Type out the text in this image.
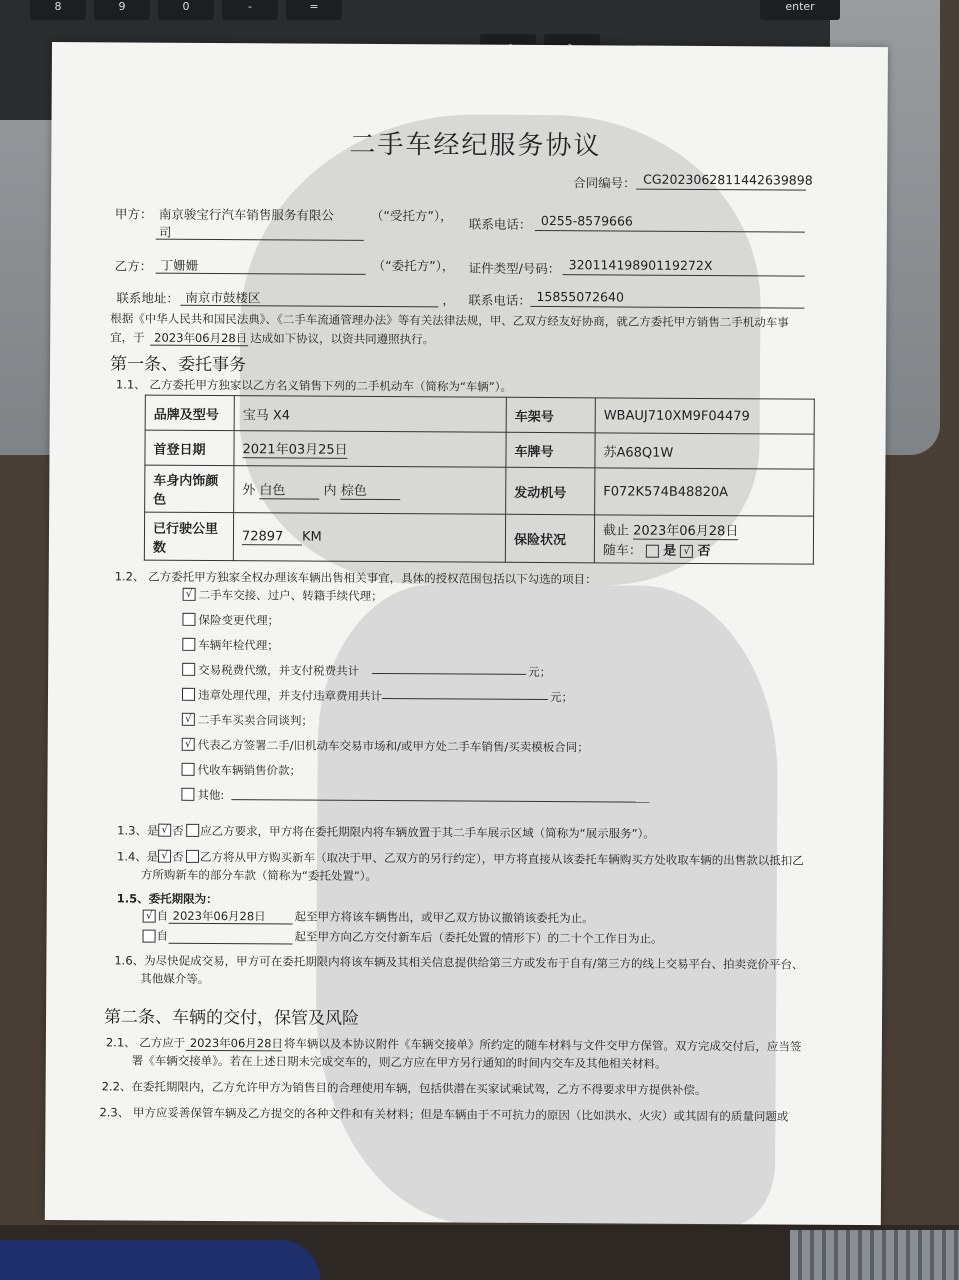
8	9	0	-	=	enter
二手车经纪服务协议
合同编号： CG2023062811442639898
甲方： 南京骏宝行汽车销售服务有限公
司
（“受托方”），
联系电话： 0255-8579666
乙方： 丁姗姗	（“委托方”）， 证件类型/号码： 32011419890119272X
联系地址： 南京市鼓楼区	， 联系电话： 15855072640
根据《中华人民共和国民法典》、《二手车流通管理办法》等有关法律法规，甲、乙双方经友好协商，就乙方委托甲方销售二手机动车事
宜，于 2023年06月28日 达成如下协议，以资共同遵照执行。
第一条、委托事务
1.1、 乙方委托甲方独家以乙方名义销售下列的二手机动车（简称为“车辆”）。
品牌及型号	宝马 X4	车架号	WBAUJ710XM9F04479
首登日期	2021年03月25日	车牌号	苏A68Q1W
车身内饰颜色	外 白色 内 棕色	发动机号	F072K574B48820A
已行驶公里数	72897 KM	保险状况	截止 2023年06月28日
随车： 是 √ 否
1.2、 乙方委托甲方独家全权办理该车辆出售相关事宜，具体的授权范围包括以下勾选的项目：
√ 二手车交接、过户、转籍手续代理；
保险变更代理；
车辆年检代理；
交易税费代缴，并支付税费共计	元；
违章处理代理，并支付违章费用共计	元；
√ 二手车买卖合同谈判；
√ 代表乙方签署二手/旧机动车交易市场和/或甲方处二手车销售/买卖模板合同；
代收车辆销售价款；
其他:
1.3、是 √ 否 应乙方要求，甲方将在委托期限内将车辆放置于其二手车展示区域（简称为“展示服务”）。
1.4、是 √ 否 乙方将从甲方购买新车（取决于甲、乙双方的另行约定），甲方将直接从该委托车辆购买方处收取车辆的出售款以抵扣乙
方所购新车的部分车款（简称为“委托处置”）。
1.5、委托期限为：
√ 自 2023年06月28日	起至甲方将该车辆售出，或甲乙双方协议撤销该委托为止。
自	起至甲方向乙方交付新车后（委托处置的情形下）的二十个工作日为止。
1.6、为尽快促成交易，甲方可在委托期限内将该车辆及其相关信息提供给第三方或发布于自有/第三方的线上交易平台、拍卖竞价平台、
其他媒介等。
第二条、车辆的交付，保管及风险
2.1、 乙方应于 2023年06月28日 将车辆以及本协议附件《车辆交接单》所约定的随车材料与文件交甲方保管。双方完成交付后，应当签
署《车辆交接单》。若在上述日期未完成交车的，则乙方应在甲方另行通知的时间内交车及其他相关材料。
2.2、在委托期限内，乙方允许甲方为销售目的合理使用车辆，包括供潜在买家试乘试驾，乙方不得要求甲方提供补偿。
2.3、 甲方应妥善保管车辆及乙方提交的各种文件和有关材料；但是车辆由于不可抗力的原因（比如洪水、火灾）或其固有的质量问题或
